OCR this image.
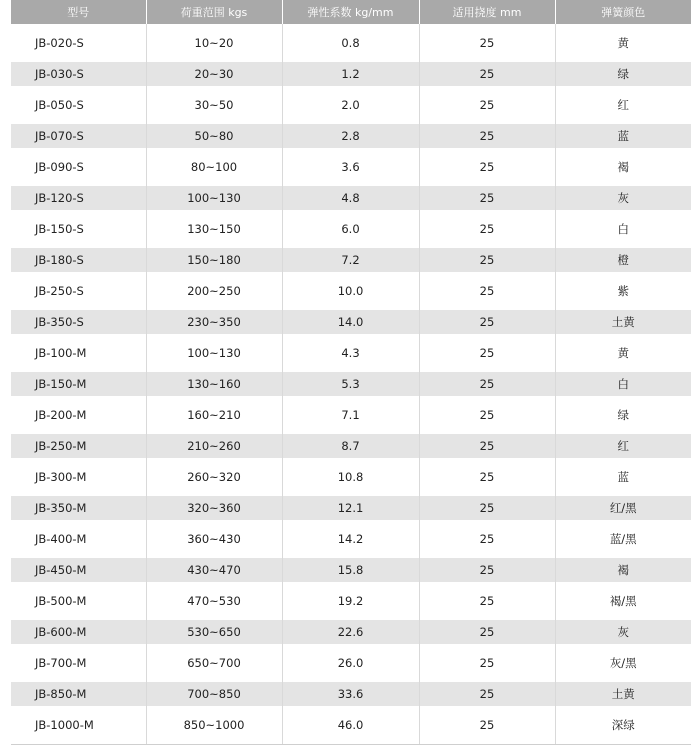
型号	荷重范围 kgs	弹性系数 kg/mm	适用挠度 mm	弹簧颜色
JB-020-S	10~20	0.8	25	黄
JB-030-S	20~30	1.2	25	绿
JB-050-S	30~50	2.0	25	红
JB-070-S	50~80	2.8	25	蓝
JB-090-S	80~100	3.6	25	褐
JB-120-S	100~130	4.8	25	灰
JB-150-S	130~150	6.0	25	白
JB-180-S	150~180	7.2	25	橙
JB-250-S	200~250	10.0	25	紫
JB-350-S	230~350	14.0	25	土黄
JB-100-M	100~130	4.3	25	黄
JB-150-M	130~160	5.3	25	白
JB-200-M	160~210	7.1	25	绿
JB-250-M	210~260	8.7	25	红
JB-300-M	260~320	10.8	25	蓝
JB-350-M	320~360	12.1	25	红/黑
JB-400-M	360~430	14.2	25	蓝/黑
JB-450-M	430~470	15.8	25	褐
JB-500-M	470~530	19.2	25	褐/黑
JB-600-M	530~650	22.6	25	灰
JB-700-M	650~700	26.0	25	灰/黑
JB-850-M	700~850	33.6	25	土黄
JB-1000-M	850~1000	46.0	25	深绿
